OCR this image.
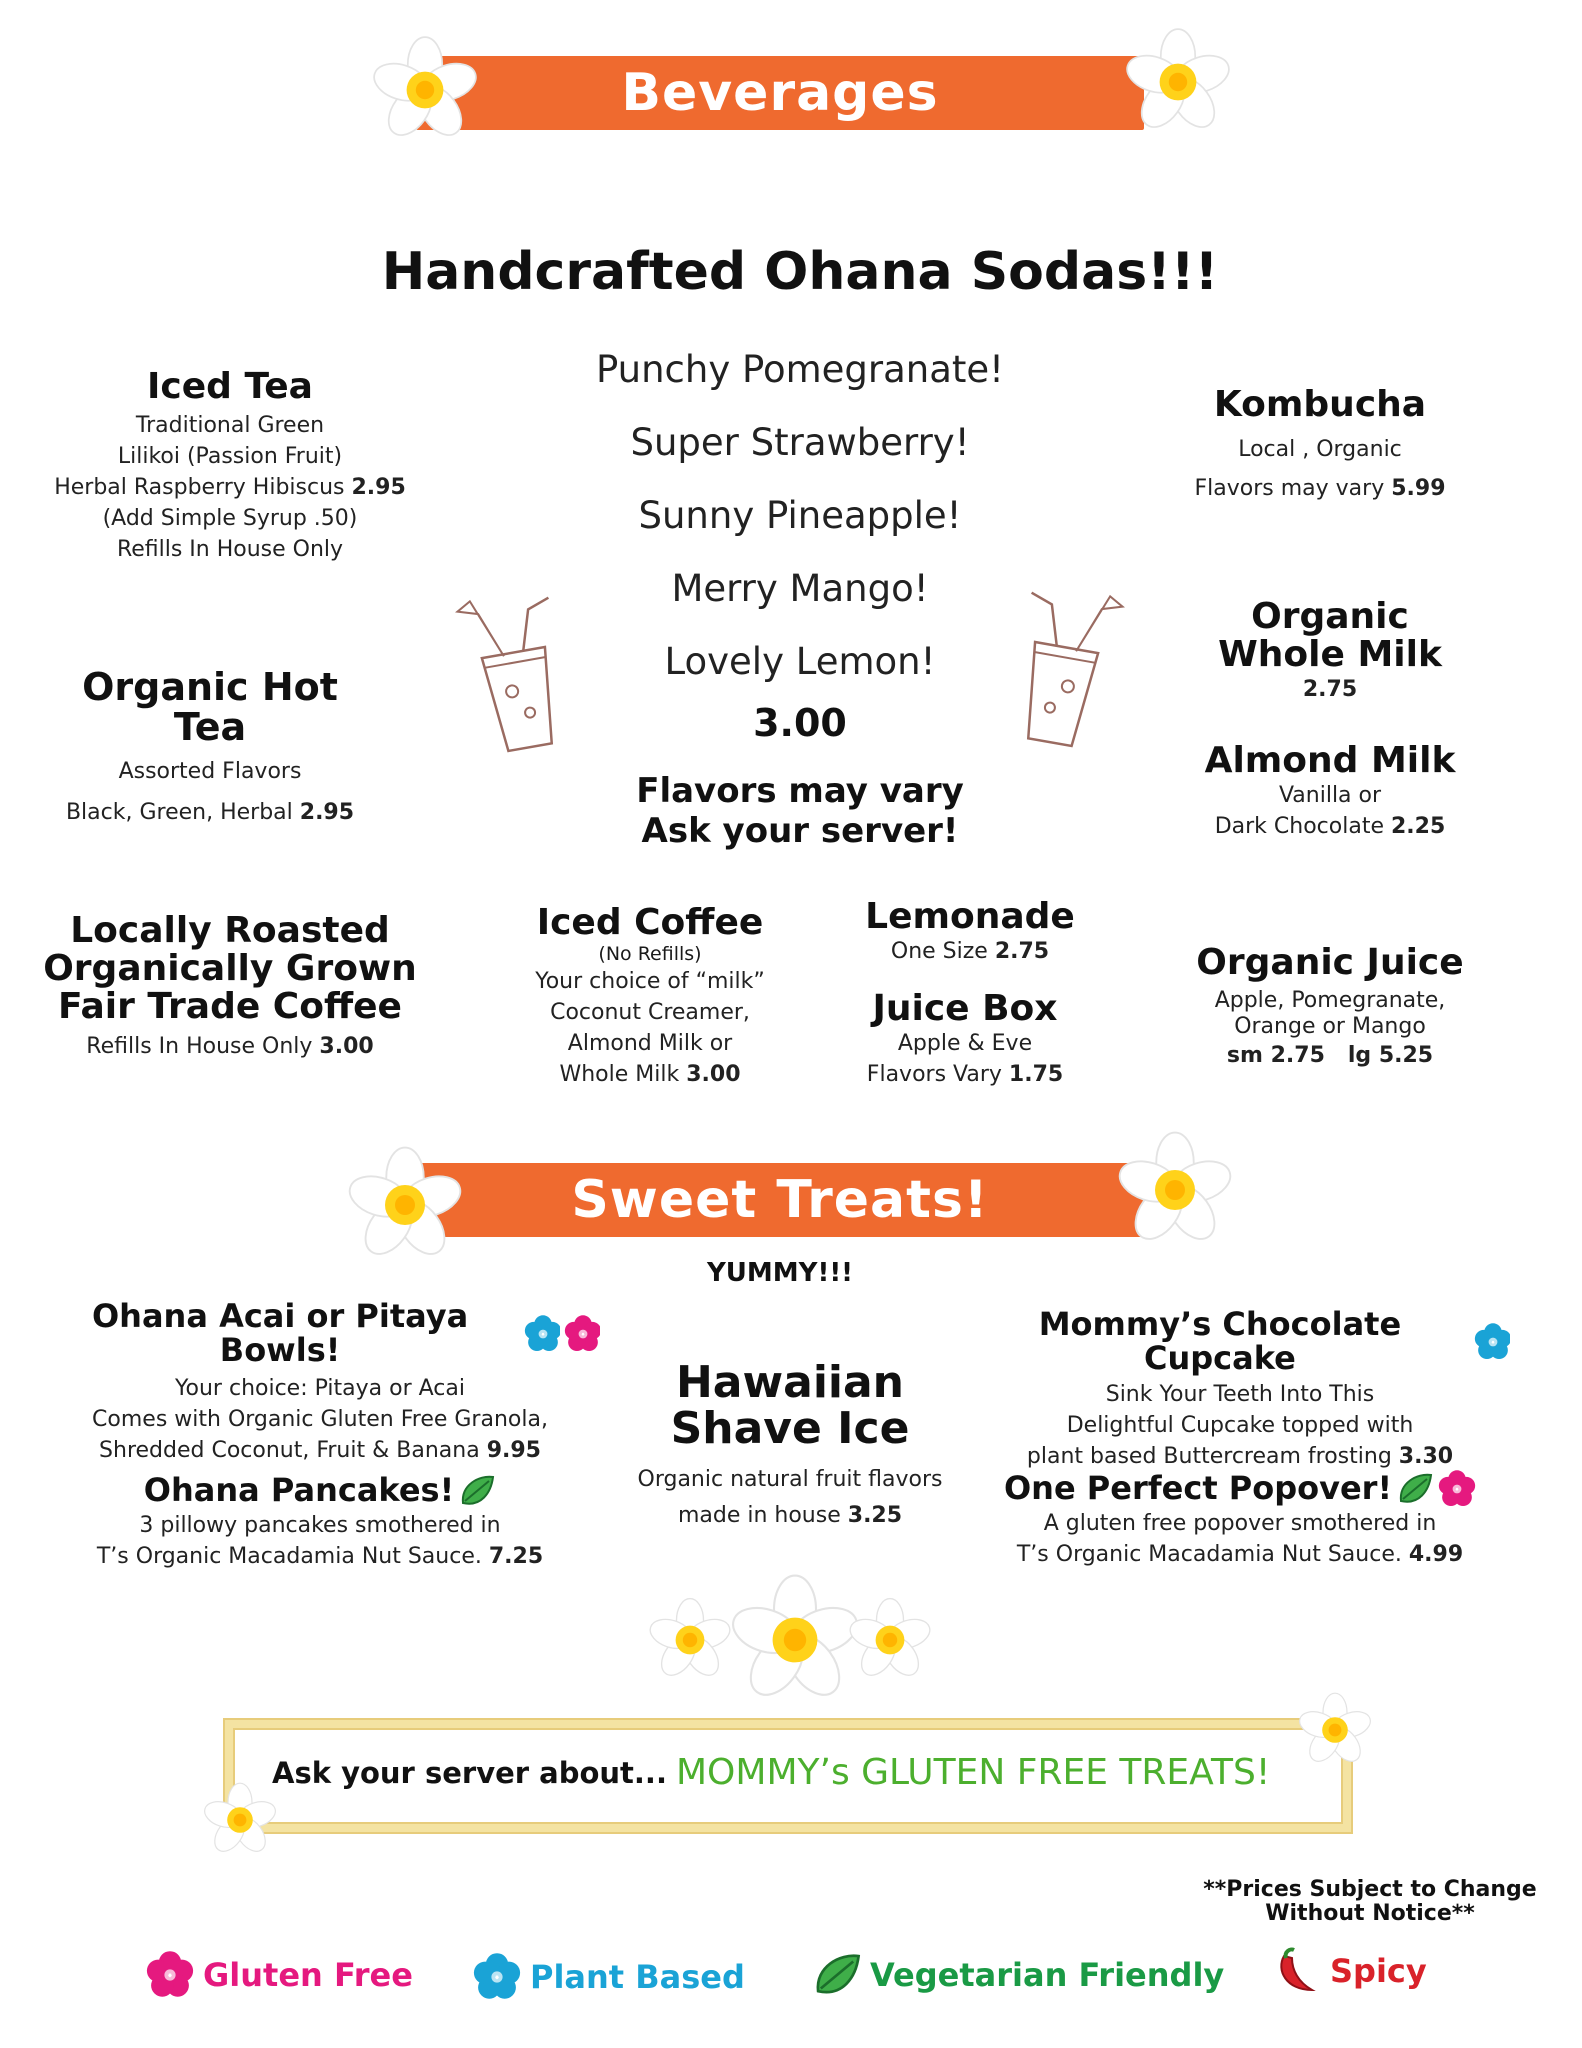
Beverages
Handcrafted Ohana Sodas!!!
Punchy Pomegranate!
Super Strawberry!
Sunny Pineapple!
Merry Mango!
Lovely Lemon!
3.00
Flavors may vary
Ask your server!
Iced Tea
Traditional Green
Lilikoi (Passion Fruit)
Herbal Raspberry Hibiscus 2.95
(Add Simple Syrup .50)
Refills In House Only
Organic Hot Tea
Assorted Flavors
Black, Green, Herbal 2.95
Kombucha
Local , Organic
Flavors may vary 5.99
Organic
Whole Milk
2.75
Almond Milk
Vanilla or
Dark Chocolate 2.25
Locally Roasted
Organically Grown
Fair Trade Coffee
Refills In House Only 3.00
Iced Coffee
(No Refills)
Your choice of “milk”
Coconut Creamer,
Almond Milk or
Whole Milk 3.00
Lemonade
One Size 2.75
Juice Box
Apple & Eve
Flavors Vary 1.75
Organic Juice
Apple, Pomegranate,
Orange or Mango
sm 2.75 lg 5.25
Sweet Treats!
YUMMY!!!
Ohana Acai or Pitaya Bowls!
Your choice: Pitaya or Acai
Comes with Organic Gluten Free Granola,
Shredded Coconut, Fruit & Banana 9.95
Ohana Pancakes!
3 pillowy pancakes smothered in
T’s Organic Macadamia Nut Sauce. 7.25
Hawaiian
Shave Ice
Organic natural fruit flavors
made in house 3.25
Mommy’s Chocolate Cupcake
Sink Your Teeth Into This
Delightful Cupcake topped with
plant based Buttercream frosting 3.30
One Perfect Popover!
A gluten free popover smothered in
T’s Organic Macadamia Nut Sauce. 4.99
Ask your server about... MOMMY’s GLUTEN FREE TREATS!
**Prices Subject to Change
Without Notice**
Gluten Free	Plant Based	Vegetarian Friendly	Spicy
